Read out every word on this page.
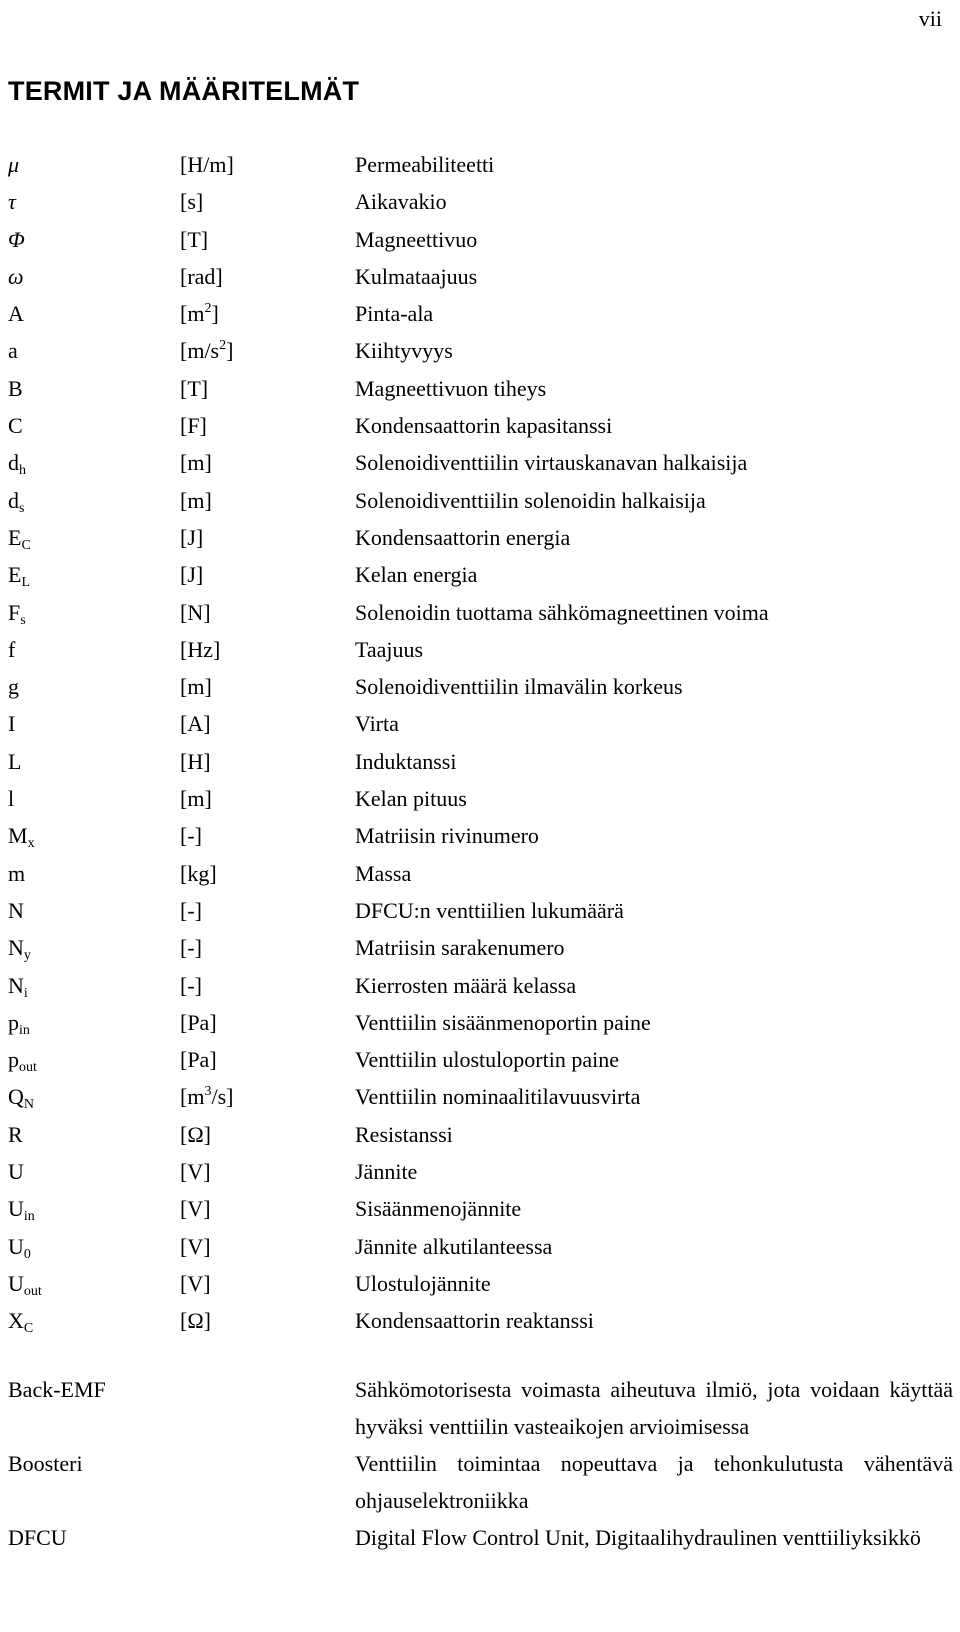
vii
TERMIT JA MÄÄRITELMÄT
μ	[H/m]	Permeabiliteetti
τ	[s]	Aikavakio
Φ	[T]	Magneettivuo
ω	[rad]	Kulmataajuus
A	$[m^2]$	Pinta-ala
a	$[m/s^2]$	Kiihtyvyys
B	[T]	Magneettivuon tiheys
C	[F]	Kondensaattorin kapasitanssi
$d_h$	[m]	Solenoidiventtiilin virtauskanavan halkaisija
$d_s$	[m]	Solenoidiventtiilin solenoidin halkaisija
$E_C$	[J]	Kondensaattorin energia
$E_L$	[J]	Kelan energia
$F_s$	[N]	Solenoidin tuottama sähkömagneettinen voima
f	[Hz]	Taajuus
g	[m]	Solenoidiventtiilin ilmavälin korkeus
I	[A]	Virta
L	[H]	Induktanssi
l	[m]	Kelan pituus
$M_x$	[-]	Matriisin rivinumero
m	[kg]	Massa
N	[-]	DFCU:n venttiilien lukumäärä
$N_y$	[-]	Matriisin sarakenumero
$N_i$	[-]	Kierrosten määrä kelassa
$p_{in}$	[Pa]	Venttiilin sisäänmenoportin paine
$p_{out}$	[Pa]	Venttiilin ulostuloportin paine
$Q_N$	$[m^3/s]$	Venttiilin nominaalitilavuusvirta
R	[Ω]	Resistanssi
U	[V]	Jännite
$U_{in}$	[V]	Sisäänmenojännite
$U_0$	[V]	Jännite alkutilanteessa
$U_{out}$	[V]	Ulostulojännite
$X_C$	[Ω]	Kondensaattorin reaktanssi
Back-EMF	Sähkömotorisesta voimasta aiheutuva ilmiö, jota voidaan käyttää hyväksi venttiilin vasteaikojen arvioimisessa
Boosteri	Venttiilin toimintaa nopeuttava ja tehonkulutusta vähentävä ohjauselektroniikka
DFCU	Digital Flow Control Unit, Digitaalihydraulinen venttiiliyksikkö
